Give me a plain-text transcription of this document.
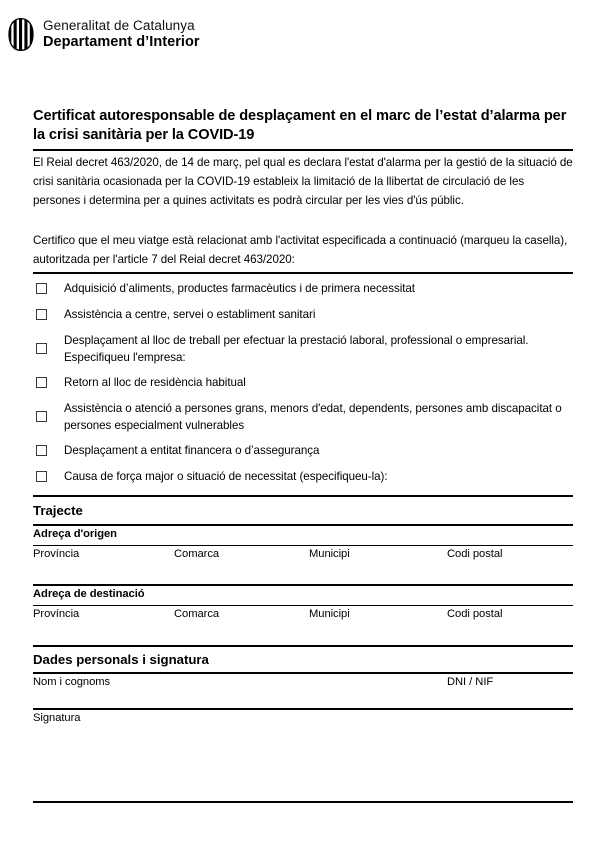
Generalitat de Catalunya
Departament d’Interior
Certificat autoresponsable de desplaçament en el marc de l’estat d’alarma per la crisi sanitària per la COVID-19
El Reial decret 463/2020, de 14 de març, pel qual es declara l'estat d'alarma per la gestió de la situació de crisi sanitària ocasionada per la COVID-19 estableix la limitació de la llibertat de circulació de les persones i determina per a quines activitats es podrà circular per les vies d'ús públic.
Certifico que el meu viatge està relacionat amb l'activitat especificada a continuació (marqueu la casella), autoritzada per l'article 7 del Reial decret 463/2020:
Adquisició d’aliments, productes farmacèutics i de primera necessitat
Assistència a centre, servei o establiment sanitari
Desplaçament al lloc de treball per efectuar la prestació laboral, professional o empresarial. Especifiqueu l'empresa:
Retorn al lloc de residència habitual
Assistència o atenció a persones grans, menors d'edat, dependents, persones amb discapacitat o persones especialment vulnerables
Desplaçament a entitat financera o d’assegurança
Causa de força major o situació de necessitat (especifiqueu-la):
Trajecte
Adreça d'origen
Província	Comarca	Municipi	Codi postal
Adreça de destinació
Província	Comarca	Municipi	Codi postal
Dades personals i signatura
Nom i cognoms	DNI / NIF
Signatura
